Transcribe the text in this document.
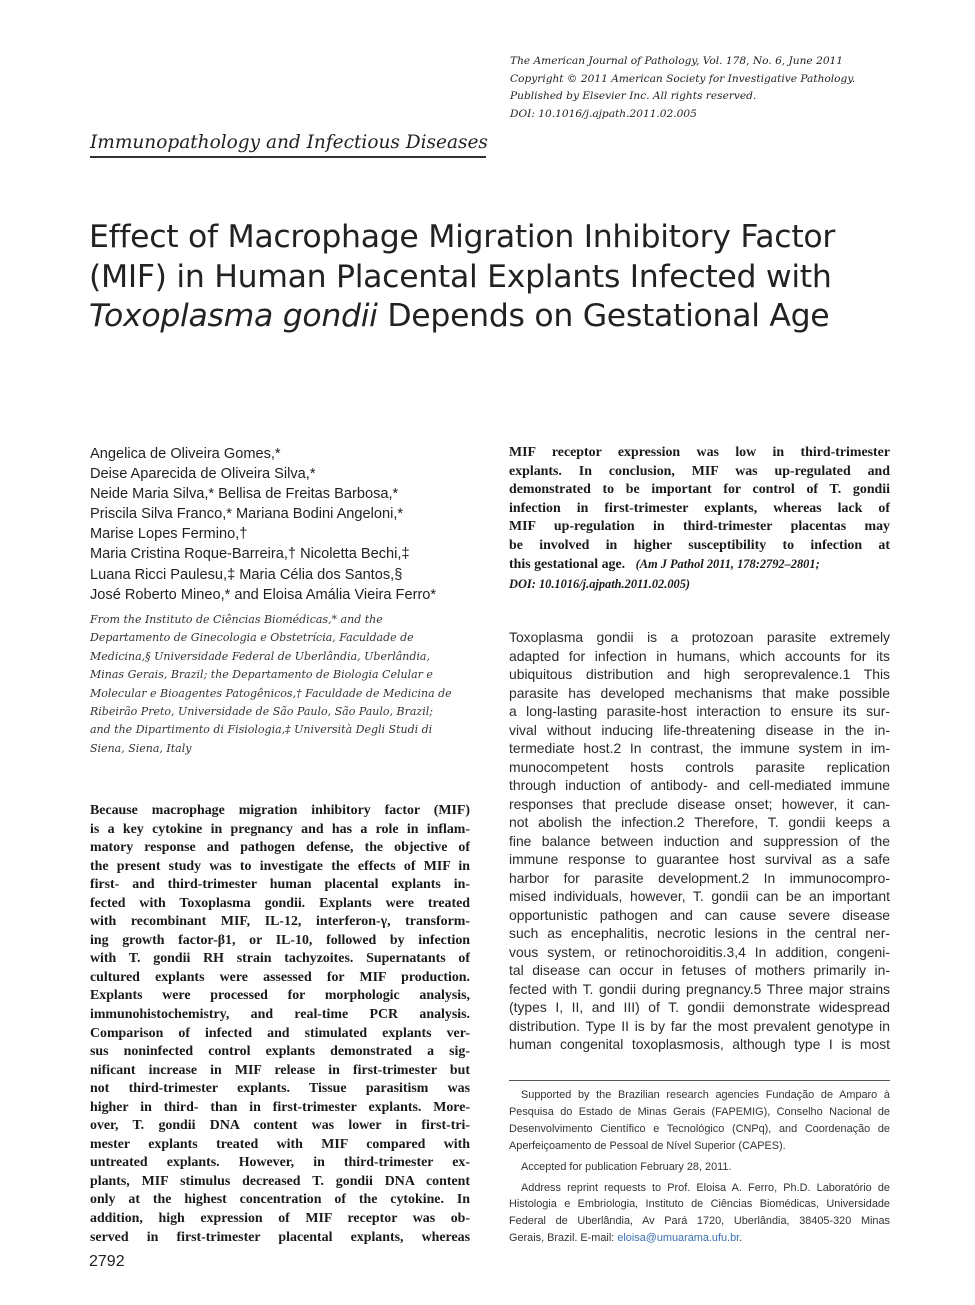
The American Journal of Pathology, Vol. 178, No. 6, June 2011
Copyright © 2011 American Society for Investigative Pathology.
Published by Elsevier Inc. All rights reserved.
DOI: 10.1016/j.ajpath.2011.02.005
Immunopathology and Infectious Diseases
Effect of Macrophage Migration Inhibitory Factor
(MIF) in Human Placental Explants Infected with
Toxoplasma gondii Depends on Gestational Age
Angelica de Oliveira Gomes,*
Deise Aparecida de Oliveira Silva,*
Neide Maria Silva,* Bellisa de Freitas Barbosa,*
Priscila Silva Franco,* Mariana Bodini Angeloni,*
Marise Lopes Fermino,†
Maria Cristina Roque-Barreira,† Nicoletta Bechi,‡
Luana Ricci Paulesu,‡ Maria Célia dos Santos,§
José Roberto Mineo,* and Eloisa Amália Vieira Ferro*
From the Instituto de Ciências Biomédicas,* and the
Departamento de Ginecologia e Obstetrícia, Faculdade de
Medicina,§ Universidade Federal de Uberlândia, Uberlândia,
Minas Gerais, Brazil; the Departamento de Biologia Celular e
Molecular e Bioagentes Patogênicos,† Faculdade de Medicina de
Ribeirão Preto, Universidade de São Paulo, São Paulo, Brazil;
and the Dipartimento di Fisiologia,‡ Università Degli Studi di
Siena, Siena, Italy
Because macrophage migration inhibitory factor (MIF)
is a key cytokine in pregnancy and has a role in inflam-
matory response and pathogen defense, the objective of
the present study was to investigate the effects of MIF in
first- and third-trimester human placental explants in-
fected with Toxoplasma gondii. Explants were treated
with recombinant MIF, IL-12, interferon-γ, transform-
ing growth factor-β1, or IL-10, followed by infection
with T. gondii RH strain tachyzoites. Supernatants of
cultured explants were assessed for MIF production.
Explants were processed for morphologic analysis,
immunohistochemistry, and real-time PCR analysis.
Comparison of infected and stimulated explants ver-
sus noninfected control explants demonstrated a sig-
nificant increase in MIF release in first-trimester but
not third-trimester explants. Tissue parasitism was
higher in third- than in first-trimester explants. More-
over, T. gondii DNA content was lower in first-tri-
mester explants treated with MIF compared with
untreated explants. However, in third-trimester ex-
plants, MIF stimulus decreased T. gondii DNA content
only at the highest concentration of the cytokine. In
addition, high expression of MIF receptor was ob-
served in first-trimester placental explants, whereas
MIF receptor expression was low in third-trimester
explants. In conclusion, MIF was up-regulated and
demonstrated to be important for control of T. gondii
infection in first-trimester explants, whereas lack of
MIF up-regulation in third-trimester placentas may
be involved in higher susceptibility to infection at
this gestational age. (Am J Pathol 2011, 178:2792–2801;
DOI: 10.1016/j.ajpath.2011.02.005)
Toxoplasma gondii is a protozoan parasite extremely
adapted for infection in humans, which accounts for its
ubiquitous distribution and high seroprevalence.1 This
parasite has developed mechanisms that make possible
a long-lasting parasite-host interaction to ensure its sur-
vival without inducing life-threatening disease in the in-
termediate host.2 In contrast, the immune system in im-
munocompetent hosts controls parasite replication
through induction of antibody- and cell-mediated immune
responses that preclude disease onset; however, it can-
not abolish the infection.2 Therefore, T. gondii keeps a
fine balance between induction and suppression of the
immune response to guarantee host survival as a safe
harbor for parasite development.2 In immunocompro-
mised individuals, however, T. gondii can be an important
opportunistic pathogen and can cause severe disease
such as encephalitis, necrotic lesions in the central ner-
vous system, or retinochoroiditis.3,4 In addition, congeni-
tal disease can occur in fetuses of mothers primarily in-
fected with T. gondii during pregnancy.5 Three major strains
(types I, II, and III) of T. gondii demonstrate widespread
distribution. Type II is by far the most prevalent genotype in
human congenital toxoplasmosis, although type I is most
Supported by the Brazilian research agencies Fundação de Amparo à
Pesquisa do Estado de Minas Gerais (FAPEMIG), Conselho Nacional de
Desenvolvimento Científico e Tecnológico (CNPq), and Coordenação de
Aperfeiçoamento de Pessoal de Nível Superior (CAPES).
Accepted for publication February 28, 2011.
Address reprint requests to Prof. Eloisa A. Ferro, Ph.D. Laboratório de
Histologia e Embriologia, Instituto de Ciências Biomédicas, Universidade
Federal de Uberlândia, Av Pará 1720, Uberlândia, 38405-320 Minas
Gerais, Brazil. E-mail: eloisa@umuarama.ufu.br.
2792
